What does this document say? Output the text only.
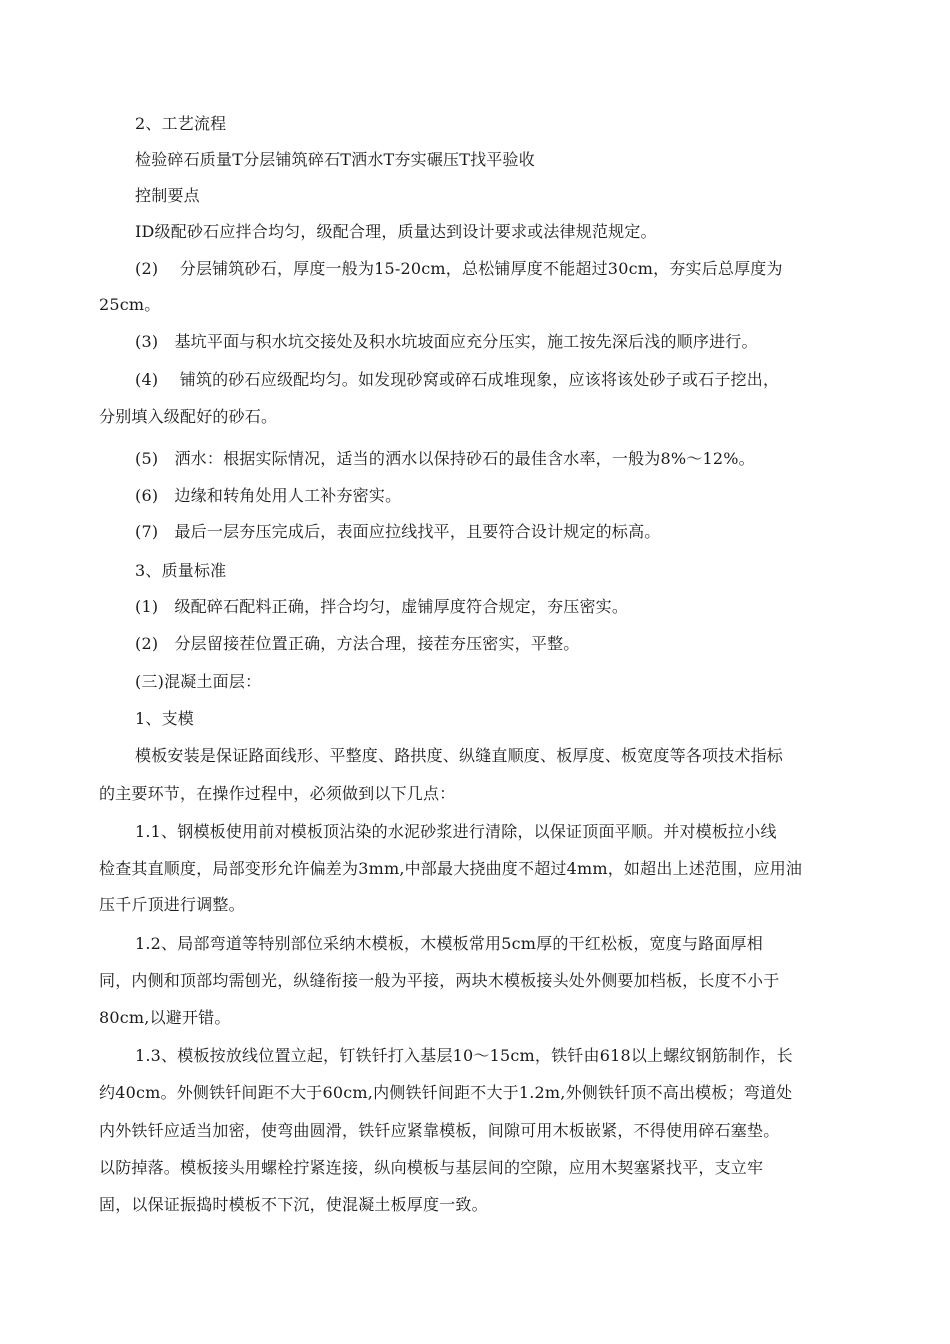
2、工艺流程
检验碎石质量T分层铺筑碎石T洒水T夯实碾压T找平验收
控制要点
ID级配砂石应拌合均匀，级配合理，质量达到设计要求或法律规范规定。
(2)　 分层铺筑砂石，厚度一般为15-20cm，总松铺厚度不能超过30cm，夯实后总厚度为
25cm。
(3)　基坑平面与积水坑交接处及积水坑坡面应充分压实，施工按先深后浅的顺序进行。
(4)　 铺筑的砂石应级配均匀。如发现砂窝或碎石成堆现象，应该将该处砂子或石子挖出，
分别填入级配好的砂石。
(5)　洒水：根据实际情况，适当的洒水以保持砂石的最佳含水率，一般为8%〜12%。
(6)　边缘和转角处用人工补夯密实。
(7)　最后一层夯压完成后，表面应拉线找平，且要符合设计规定的标高。
3、质量标准
(1)　级配碎石配料正确，拌合均匀，虚铺厚度符合规定，夯压密实。
(2)　分层留接茬位置正确，方法合理，接茬夯压密实，平整。
(三)混凝土面层：
1、支模
模板安装是保证路面线形、平整度、路拱度、纵缝直顺度、板厚度、板宽度等各项技术指标
的主要环节，在操作过程中，必须做到以下几点：
1.1、钢模板使用前对模板顶沾染的水泥砂浆进行清除，以保证顶面平顺。并对模板拉小线
检查其直顺度，局部变形允许偏差为3mm,中部最大挠曲度不超过4mm，如超出上述范围，应用油
压千斤顶进行调整。
1.2、局部弯道等特别部位采纳木模板，木模板常用5cm厚的干红松板，宽度与路面厚相
同，内侧和顶部均需刨光，纵缝衔接一般为平接，两块木模板接头处外侧要加档板，长度不小于
80cm,以避开错。
1.3、模板按放线位置立起，钉铁钎打入基层10〜15cm，铁钎由618以上螺纹钢筋制作，长
约40cm。外侧铁钎间距不大于60cm,内侧铁钎间距不大于1.2m,外侧铁钎顶不高出模板；弯道处
内外铁钎应适当加密，使弯曲圆滑，铁钎应紧靠模板，间隙可用木板嵌紧，不得使用碎石塞垫。
以防掉落。模板接头用螺栓拧紧连接，纵向模板与基层间的空隙，应用木契塞紧找平，支立牢
固，以保证振捣时模板不下沉，使混凝土板厚度一致。
